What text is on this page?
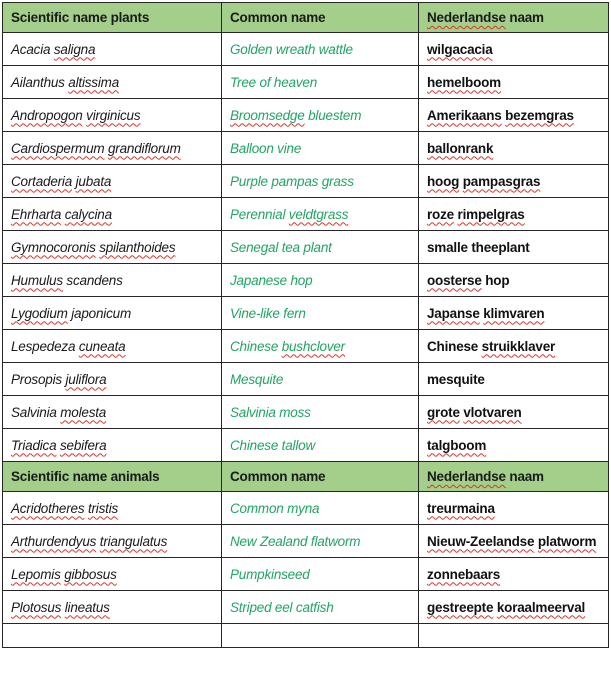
Scientific name plants	Common name	Nederlandse naam
Acacia saligna	Golden wreath wattle	wilgacacia
Ailanthus altissima	Tree of heaven	hemelboom
Andropogon virginicus	Broomsedge bluestem	Amerikaans bezemgras
Cardiospermum grandiflorum	Balloon vine	ballonrank
Cortaderia jubata	Purple pampas grass	hoog pampasgras
Ehrharta calycina	Perennial veldtgrass	roze rimpelgras
Gymnocoronis spilanthoides	Senegal tea plant	smalle theeplant
Humulus scandens	Japanese hop	oosterse hop
Lygodium japonicum	Vine-like fern	Japanse klimvaren
Lespedeza cuneata	Chinese bushclover	Chinese struikklaver
Prosopis juliflora	Mesquite	mesquite
Salvinia molesta	Salvinia moss	grote vlotvaren
Triadica sebifera	Chinese tallow	talgboom
Scientific name animals	Common name	Nederlandse naam
Acridotheres tristis	Common myna	treurmaina
Arthurdendyus triangulatus	New Zealand flatworm	Nieuw-Zeelandse platworm
Lepomis gibbosus	Pumpkinseed	zonnebaars
Plotosus lineatus	Striped eel catfish	gestreepte koraalmeerval
